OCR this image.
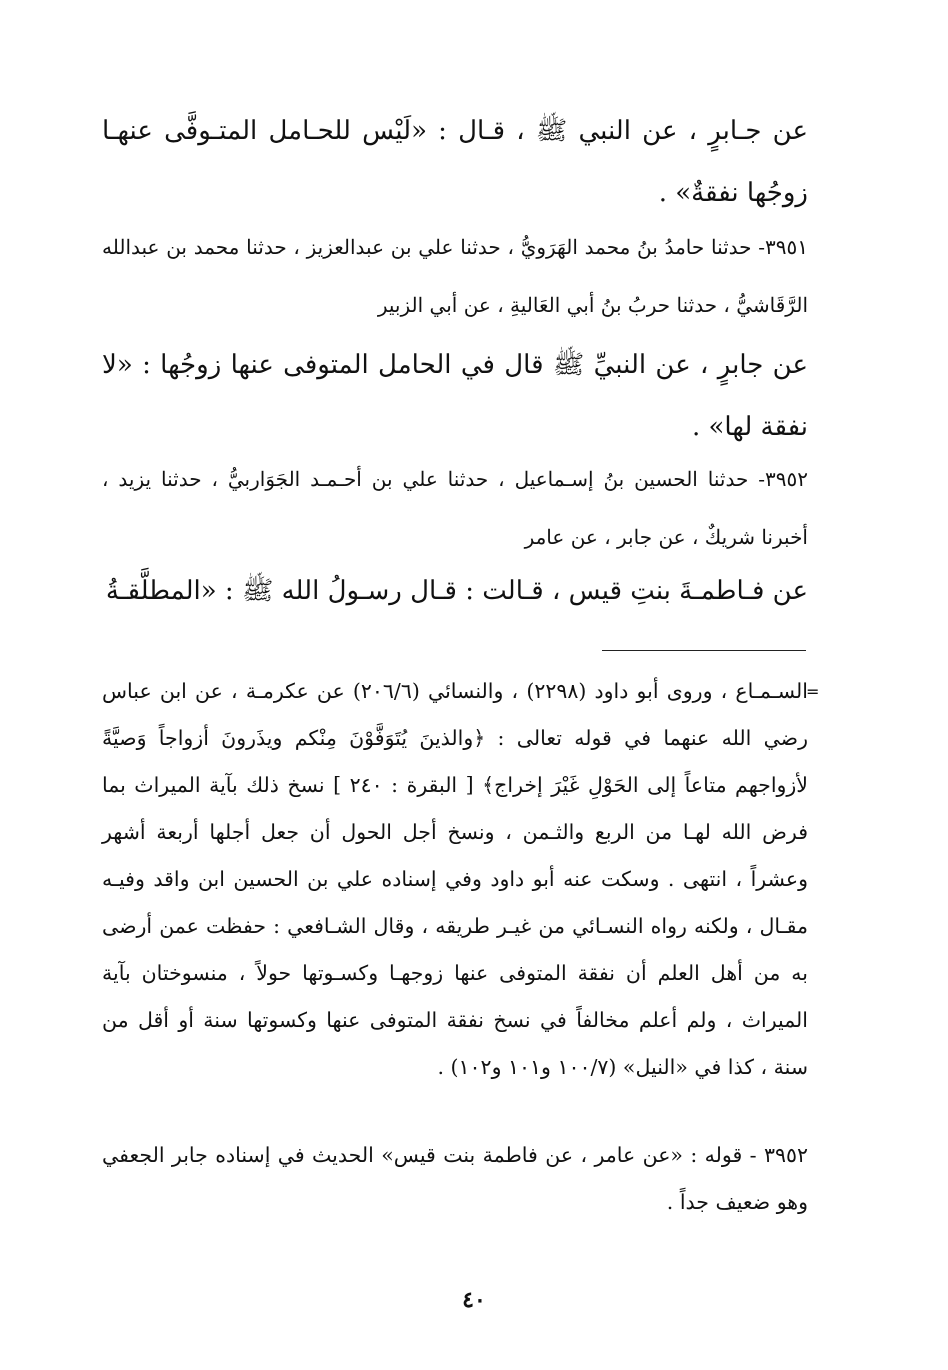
عن جـابرٍ ، عن النبي ﷺ ، قـال : «لَيْس للحـامل المتـوفَّى عنهـا زوجُها نفقةٌ» .

٣٩٥١- حدثنا حامدُ بنُ محمد الهَرَويُّ ، حدثنا علي بن عبدالعزيز ، حدثنا محمد بن عبدالله الرَّقَاشيُّ ، حدثنا حربُ بنُ أبي العَاليةِ ، عن أبي الزبير

عن جابرٍ ، عن النبيِّ ﷺ قال في الحامل المتوفى عنها زوجُها : «لا نفقة لها» .

٣٩٥٢- حدثنا الحسين بنُ إسـماعيل ، حدثنا علي بن أحـمـد الجَوَاربيُّ ، حدثنا يزيد ، أخبرنا شريكٌ ، عن جابر ، عن عامر

عن فـاطمـةَ بنتِ قيس ، قـالت : قـال رسـولُ الله ﷺ : «المطلَّقـةُ

=

السـمـاع ، وروى أبو داود (٢٢٩٨) ، والنسائي (٢٠٦/٦) عن عكرمـة ، عن ابن عباس رضي الله عنهما في قوله تعالى : ﴿والذينَ يُتَوَفَّوْنَ مِنْكم ويذَرونَ أزواجاً وَصيَّةً لأزواجهم متاعاً إلى الحَوْلِ غَيْرَ إخراج﴾ [ البقرة : ٢٤٠ ] نسخ ذلك بآية الميراث بما فرض الله لهـا من الربع والثـمن ، ونسخ أجل الحول أن جعل أجلها أربعة أشهر وعشراً ، انتهى . وسكت عنه أبو داود وفي إسناده علي بن الحسين ابن واقد وفيـه مقـال ، ولكنه رواه النسـائي من غيـر طريقه ، وقال الشـافعي : حفظت عمن أرضى به من أهل العلم أن نفقة المتوفى عنها زوجهـا وكسـوتها حولاً ، منسوختان بآية الميراث ، ولم أعلم مخالفاً في نسخ نفقة المتوفى عنها وكسوتها سنة أو أقل من سنة ، كذا في «النيل» (١٠٠/٧ و١٠١ و١٠٢) .

٣٩٥٢ - قوله : «عن عامر ، عن فاطمة بنت قيس» الحديث في إسناده جابر الجعفي وهو ضعيف جداً .

٤٠
